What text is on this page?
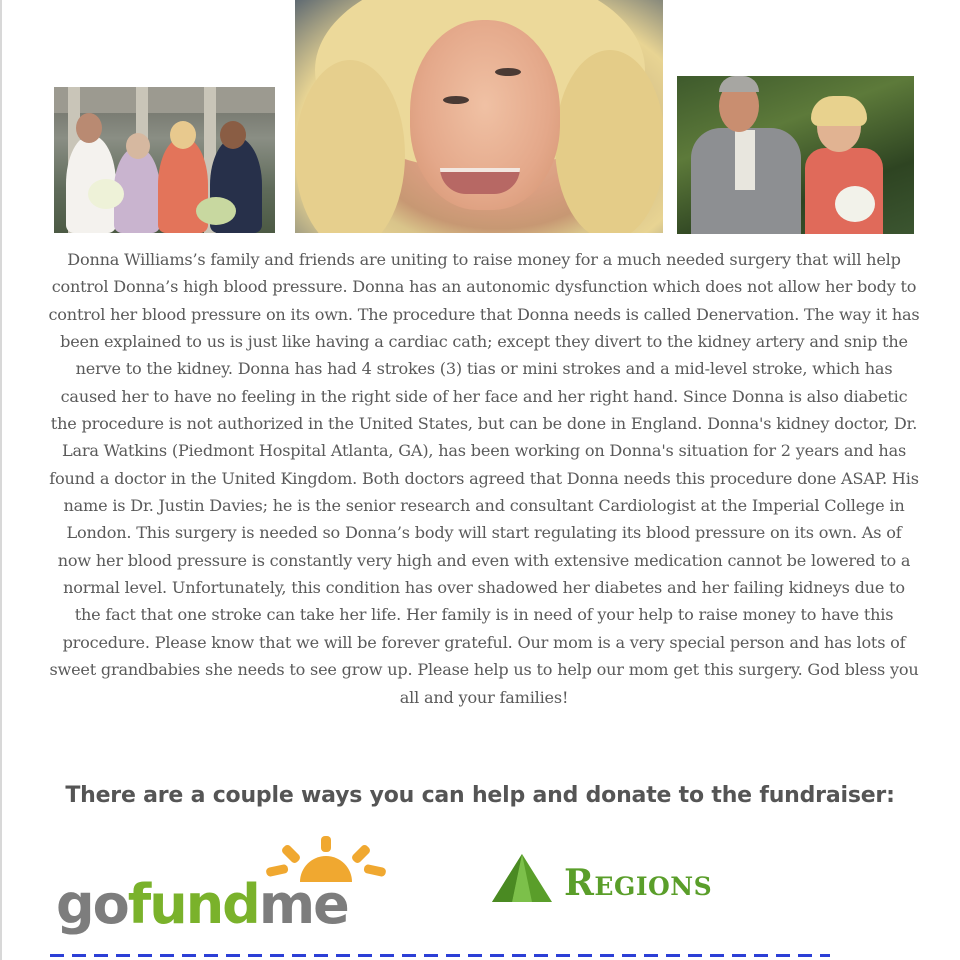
Donna Williams’s family and friends are uniting to raise money for a much needed surgery that will help control Donna’s high blood pressure. Donna has an autonomic dysfunction which does not allow her body to control her blood pressure on its own. The procedure that Donna needs is called Denervation. The way it has been explained to us is just like having a cardiac cath; except they divert to the kidney artery and snip the nerve to the kidney. Donna has had 4 strokes (3) tias or mini strokes and a mid-level stroke, which has caused her to have no feeling in the right side of her face and her right hand. Since Donna is also diabetic the procedure is not authorized in the United States, but can be done in England. Donna's kidney doctor, Dr. Lara Watkins (Piedmont Hospital Atlanta, GA), has been working on Donna's situation for 2 years and has found a doctor in the United Kingdom. Both doctors agreed that Donna needs this procedure done ASAP. His name is Dr. Justin Davies; he is the senior research and consultant Cardiologist at the Imperial College in London. This surgery is needed so Donna’s body will start regulating its blood pressure on its own. As of now her blood pressure is constantly very high and even with extensive medication cannot be lowered to a normal level. Unfortunately, this condition has over shadowed her diabetes and her failing kidneys due to the fact that one stroke can take her life. Her family is in need of your help to raise money to have this procedure. Please know that we will be forever grateful. Our mom is a very special person and has lots of sweet grandbabies she needs to see grow up. Please help us to help our mom get this surgery. God bless you all and your families!

There are a couple ways you can help and donate to the fundraiser:
gofundme	Regions
